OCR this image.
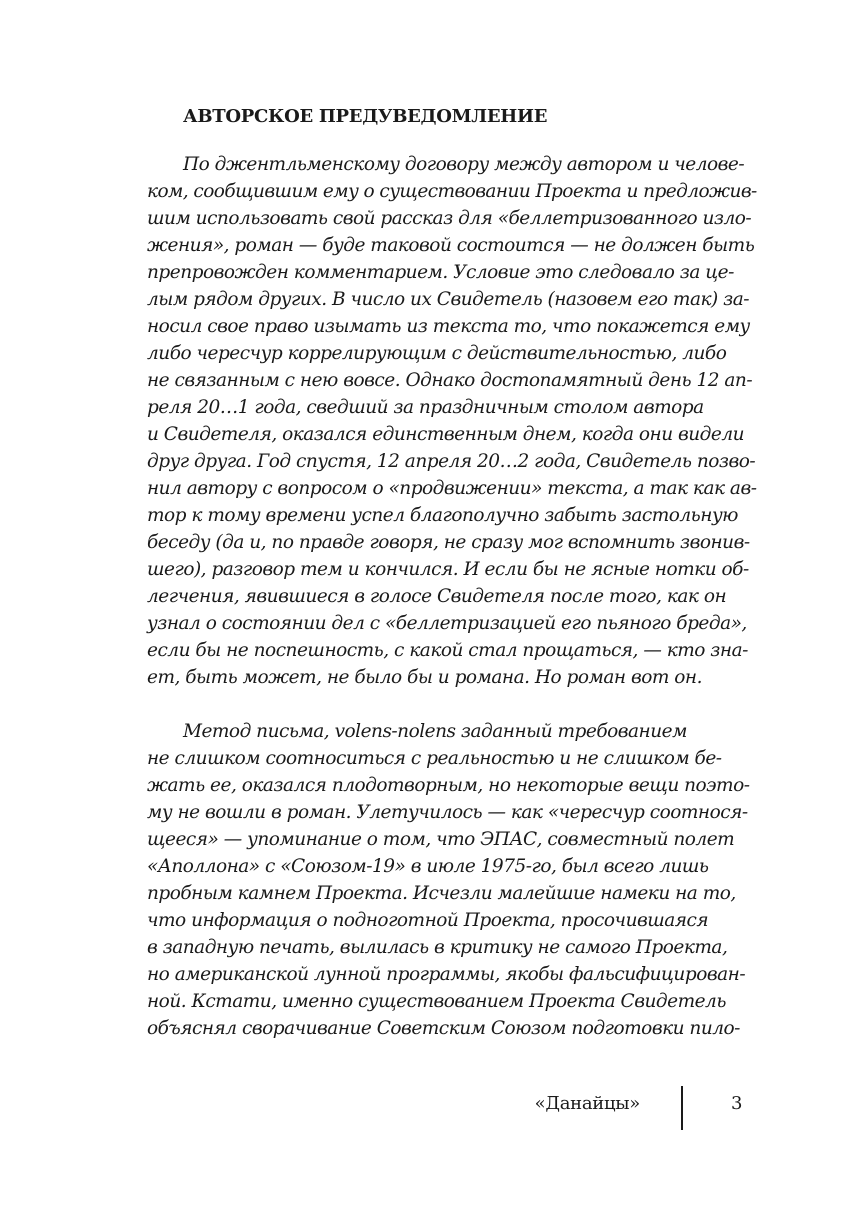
АВТОРСКОЕ ПРЕДУВЕДОМЛЕНИЕ
По джентльменскому договору между автором и челове-
ком, сообщившим ему о существовании Проекта и предложив-
шим использовать свой рассказ для «беллетризованного изло-
жения», роман — буде таковой состоится — не должен быть
препровожден комментарием. Условие это следовало за це-
лым рядом других. В число их Свидетель (назовем его так) за-
носил свое право изымать из текста то, что покажется ему
либо чересчур коррелирующим с действительностью, либо
не связанным с нею вовсе. Однако достопамятный день 12 ап-
реля 20…1 года, сведший за праздничным столом автора
и Свидетеля, оказался единственным днем, когда они видели
друг друга. Год спустя, 12 апреля 20…2 года, Свидетель позво-
нил автору с вопросом о «продвижении» текста, а так как ав-
тор к тому времени успел благополучно забыть застольную
беседу (да и, по правде говоря, не сразу мог вспомнить звонив-
шего), разговор тем и кончился. И если бы не ясные нотки об-
легчения, явившиеся в голосе Свидетеля после того, как он
узнал о состоянии дел с «беллетризацией его пьяного бреда»,
если бы не поспешность, с какой стал прощаться, — кто зна-
ет, быть может, не было бы и романа. Но роман вот он.
Метод письма, volens-nolens заданный требованием
не слишком соотноситься с реальностью и не слишком бе-
жать ее, оказался плодотворным, но некоторые вещи поэто-
му не вошли в роман. Улетучилось — как «чересчур соотнося-
щееся» — упоминание о том, что ЭПАС, совместный полет
«Аполлона» с «Союзом-19» в июле 1975-го, был всего лишь
пробным камнем Проекта. Исчезли малейшие намеки на то,
что информация о подноготной Проекта, просочившаяся
в западную печать, вылилась в критику не самого Проекта,
но американской лунной программы, якобы фальсифицирован-
ной. Кстати, именно существованием Проекта Свидетель
объяснял сворачивание Советским Союзом подготовки пило-
«Данайцы»	3
